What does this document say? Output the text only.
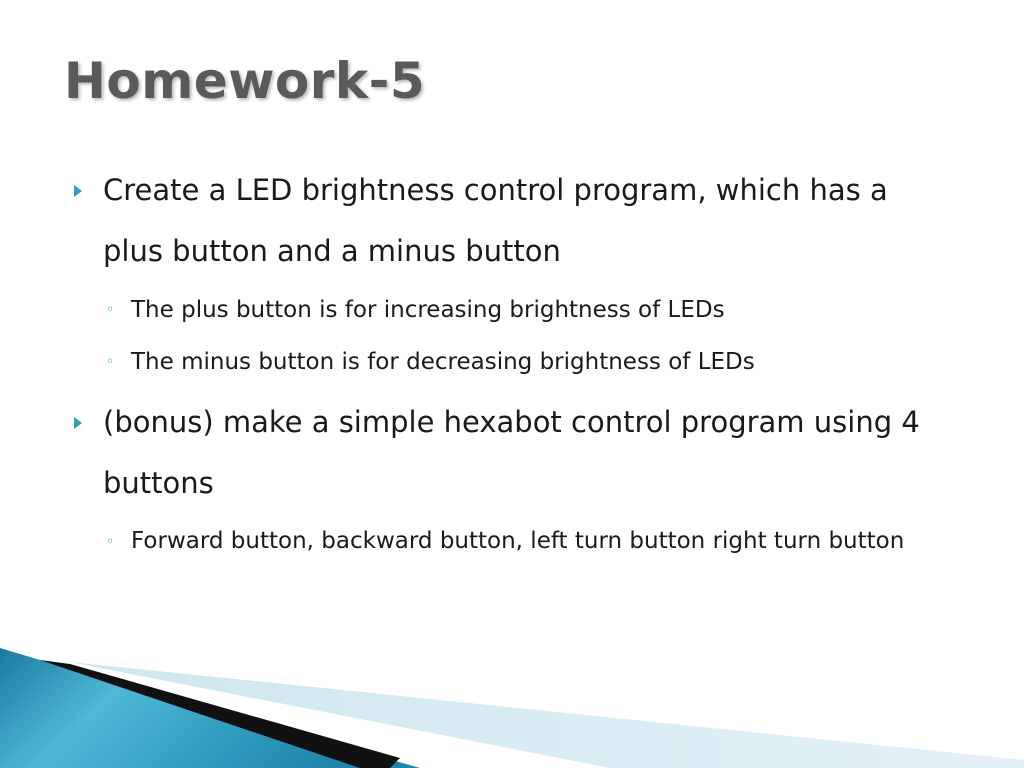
Homework-5
Create a LED brightness control program, which has a plus button and a minus button
◦ The plus button is for increasing brightness of LEDs
◦ The minus button is for decreasing brightness of LEDs
(bonus) make a simple hexabot control program using 4 buttons
◦ Forward button, backward button, left turn button right turn button
